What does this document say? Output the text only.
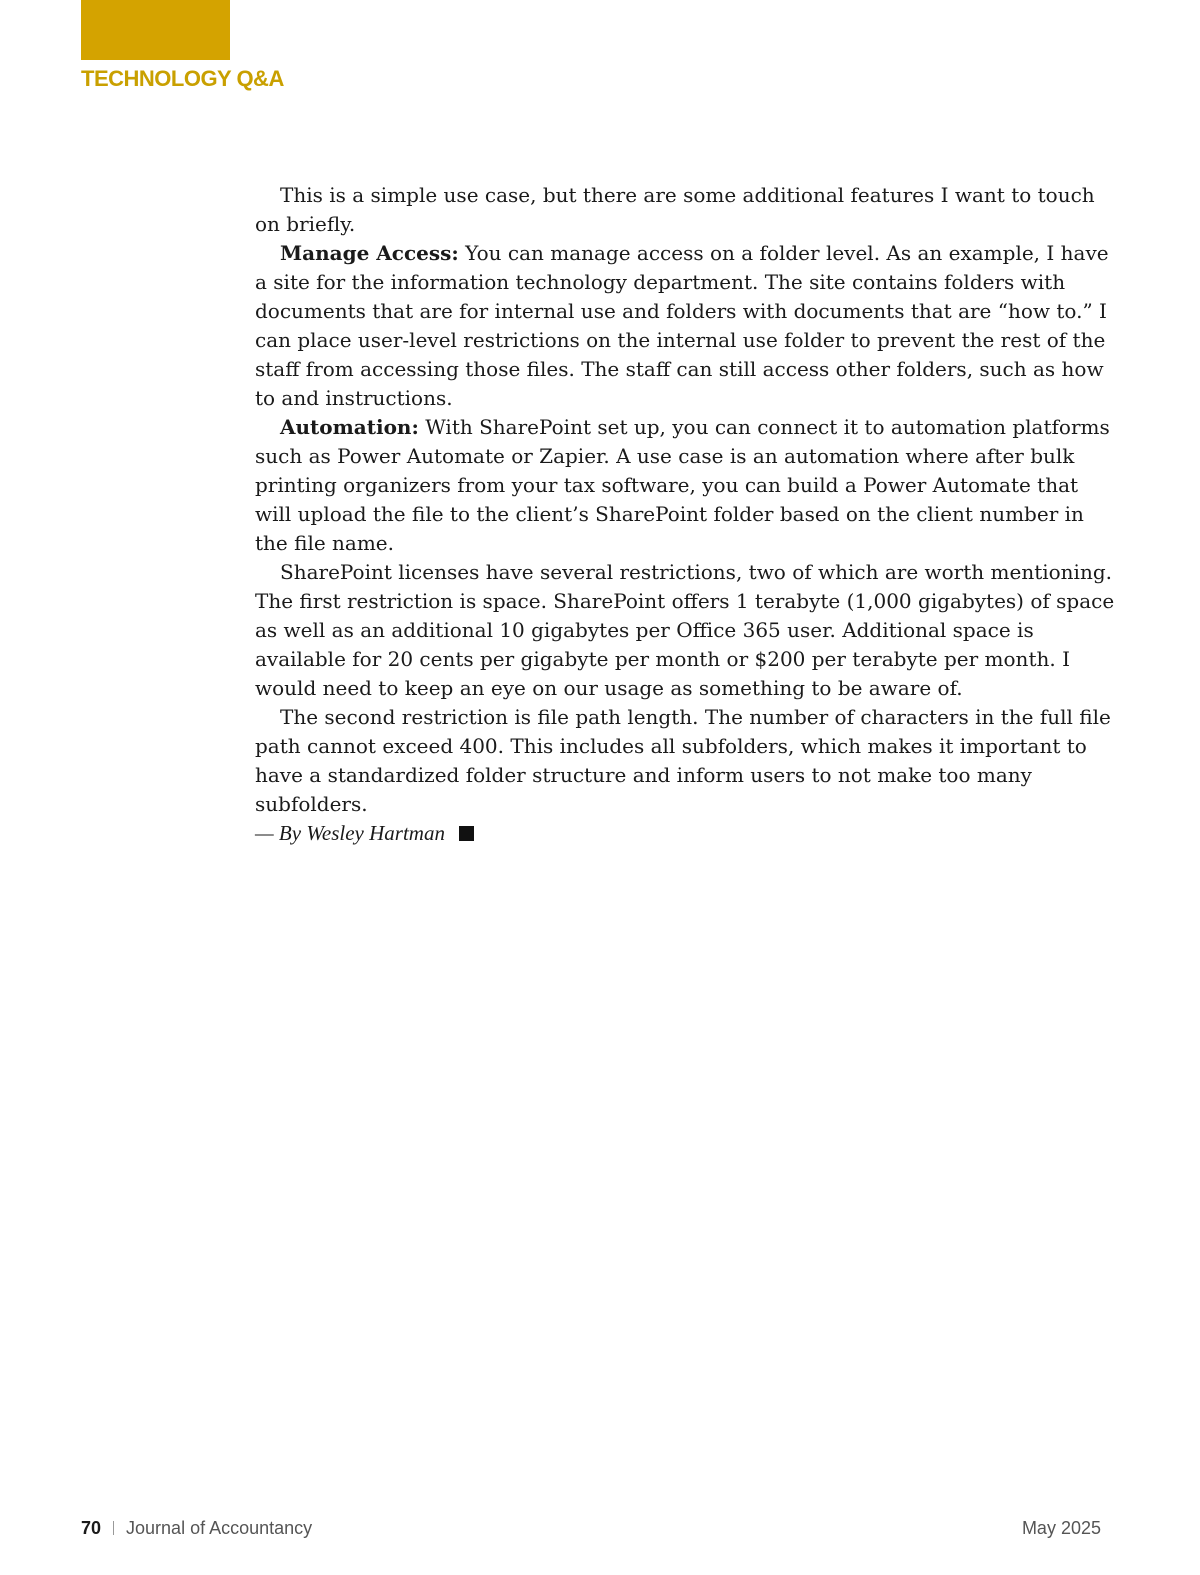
TECHNOLOGY Q&A

This is a simple use case, but there are some additional features I want to touch on briefly.

Manage Access: You can manage access on a folder level. As an example, I have a site for the information technology department. The site contains folders with documents that are for internal use and folders with documents that are “how to.” I can place user-level restrictions on the internal use folder to prevent the rest of the staff from accessing those files. The staff can still access other folders, such as how to and instructions.

Automation: With SharePoint set up, you can connect it to automation platforms such as Power Automate or Zapier. A use case is an automation where after bulk printing organizers from your tax software, you can build a Power Automate that will upload the file to the client’s SharePoint folder based on the client number in the file name.

SharePoint licenses have several restrictions, two of which are worth mentioning. The first restriction is space. SharePoint offers 1 terabyte (1,000 gigabytes) of space as well as an additional 10 gigabytes per Office 365 user. Additional space is available for 20 cents per gigabyte per month or $200 per terabyte per month. I would need to keep an eye on our usage as something to be aware of.

The second restriction is file path length. The number of characters in the full file path cannot exceed 400. This includes all subfolders, which makes it important to have a standardized folder structure and inform users to not make too many subfolders.

— By Wesley Hartman
70 Journal of Accountancy	May 2025
